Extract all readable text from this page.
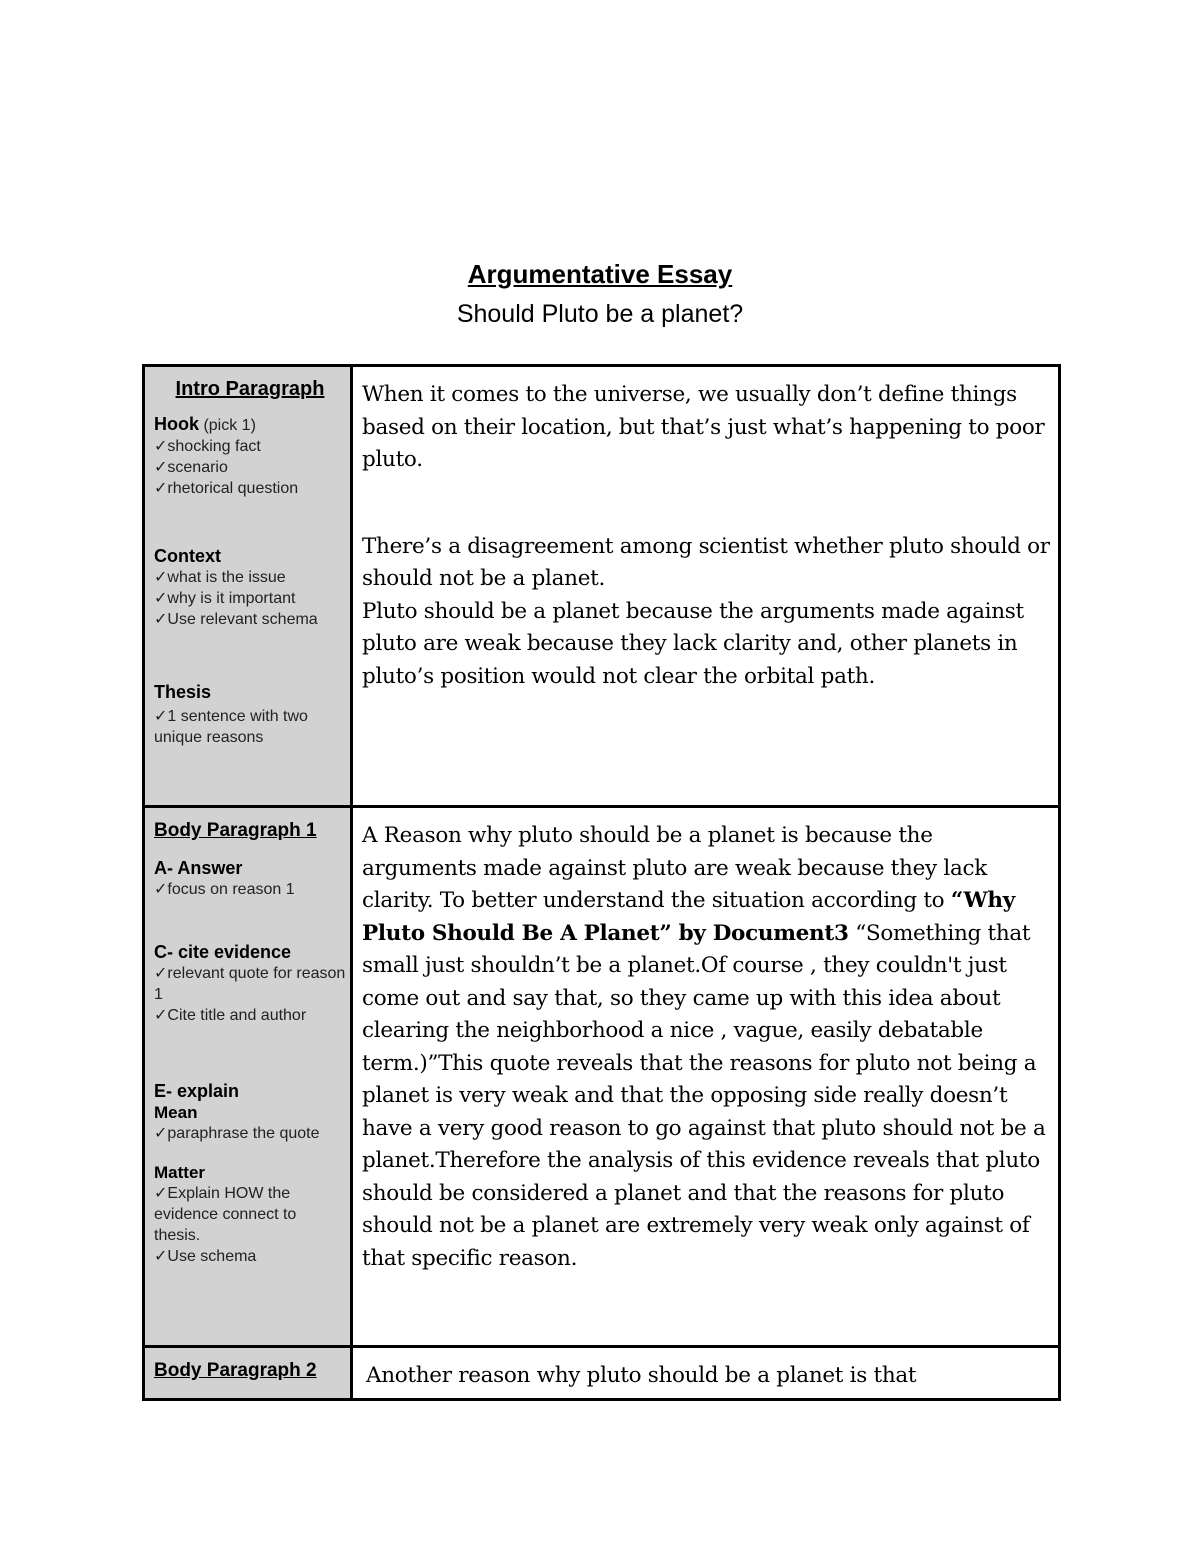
Argumentative Essay
Should Pluto be a planet?
Intro Paragraph
Hook (pick 1)
✓shocking fact
✓scenario
✓rhetorical question
Context
✓what is the issue
✓why is it important
✓Use relevant schema
Thesis
✓1 sentence with two unique reasons
When it comes to the universe, we usually don’t define things based on their location, but that’s just what’s happening to poor pluto.
There’s a disagreement among scientist whether pluto should or should not be a planet.
Pluto should be a planet because the arguments made against pluto are weak because they lack clarity and, other planets in pluto’s position would not clear the orbital path.
Body Paragraph 1
A- Answer
✓focus on reason 1
C- cite evidence
✓relevant quote for reason 1
✓Cite title and author
E- explain
Mean
✓paraphrase the quote
Matter
✓Explain HOW the evidence connect to thesis.
✓Use schema
A Reason why pluto should be a planet is because the arguments made against pluto are weak because they lack clarity. To better understand the situation according to “Why Pluto Should Be A Planet” by Document3 “Something that small just shouldn’t be a planet.Of course , they couldn't just come out and say that, so they came up with this idea about clearing the neighborhood a nice , vague, easily debatable term.)”This quote reveals that the reasons for pluto not being a planet is very weak and that the opposing side really doesn’t have a very good reason to go against that pluto should not be a planet.Therefore the analysis of this evidence reveals that pluto should be considered a planet and that the reasons for pluto should not be a planet are extremely very weak only against of that specific reason.
Body Paragraph 2	Another reason why pluto should be a planet is that
